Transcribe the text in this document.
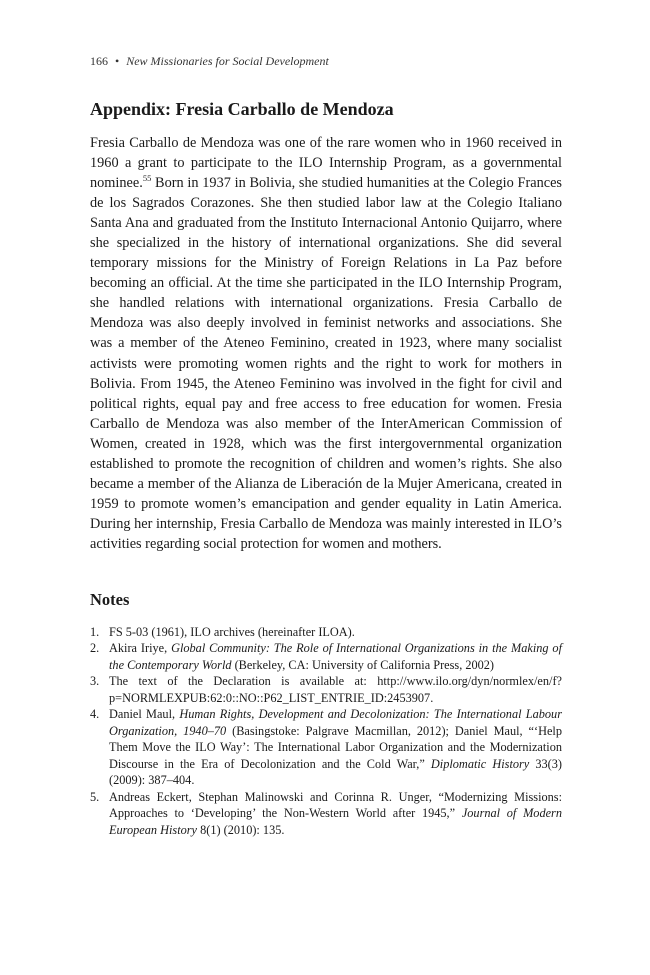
166 • New Missionaries for Social Development
Appendix: Fresia Carballo de Mendoza

Fresia Carballo de Mendoza was one of the rare women who in 1960 received in 1960 a grant to participate to the ILO Internship Program, as a governmental nominee.$^{55}$ Born in 1937 in Bolivia, she studied humanities at the Colegio Frances de los Sagrados Corazones. She then studied labor law at the Colegio Italiano Santa Ana and graduated from the Instituto Internacional Antonio Quijarro, where she specialized in the history of international organizations. She did several temporary missions for the Ministry of Foreign Relations in La Paz before becoming an official. At the time she participated in the ILO Internship Program, she handled relations with international organizations. Fresia Carballo de Mendoza was also deeply involved in feminist networks and associations. She was a member of the Ateneo Feminino, created in 1923, where many socialist activists were promoting women rights and the right to work for mothers in Bolivia. From 1945, the Ateneo Feminino was involved in the fight for civil and political rights, equal pay and free access to free education for women. Fresia Carballo de Mendoza was also member of the InterAmerican Commission of Women, created in 1928, which was the first intergovernmental organization established to promote the recognition of children and women’s rights. She also became a member of the Alianza de Liberación de la Mujer Americana, created in 1959 to promote women’s emancipation and gender equality in Latin America. During her internship, Fresia Carballo de Mendoza was mainly interested in ILO’s activities regarding social protection for women and mothers.

Notes
1. FS 5-03 (1961), ILO archives (hereinafter ILOA).
2. Akira Iriye, Global Community: The Role of International Organizations in the Making of the Contemporary World (Berkeley, CA: University of California Press, 2002)
3. The text of the Declaration is available at: http://www.ilo.org/dyn/normlex/​en/f?p=NORMLEXPUB:62:0::NO::P62_LIST_ENTRIE_ID:2453907.
4. Daniel Maul, Human Rights, Development and Decolonization: The International Labour Organization, 1940–70 (Basingstoke: Palgrave Macmillan, 2012); Daniel Maul, “‘Help Them Move the ILO Way’: The International Labor Organization and the Modernization Discourse in the Era of Decolonization and the Cold War,” Diplomatic History 33(3) (2009): 387–404.
5. Andreas Eckert, Stephan Malinowski and Corinna R. Unger, “Modernizing Missions: Approaches to ‘Developing’ the Non-Western World after 1945,” Journal of Modern European History 8(1) (2010): 135.
